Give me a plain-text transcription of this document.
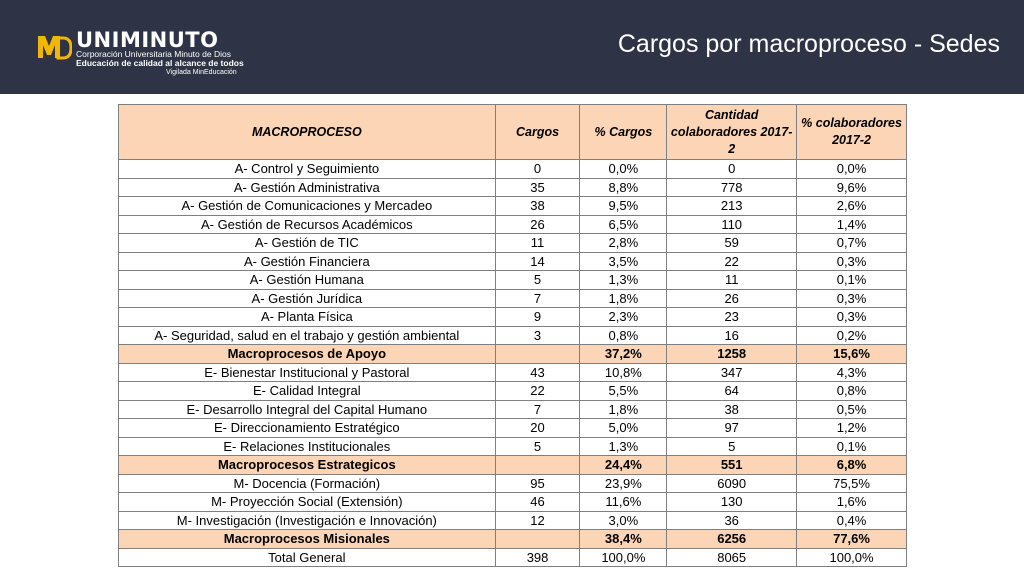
UNIMINUTO
Corporación Universitaria Minuto de Dios
Educación de calidad al alcance de todos
Vigilada MinEducación
Cargos por macroproceso - Sedes
MACROPROCESO	Cargos	% Cargos	Cantidad colaboradores 2017-2	% colaboradores 2017-2
A- Control y Seguimiento	0	0,0%	0	0,0%
A- Gestión Administrativa	35	8,8%	778	9,6%
A- Gestión de Comunicaciones y Mercadeo	38	9,5%	213	2,6%
A- Gestión de Recursos Académicos	26	6,5%	110	1,4%
A- Gestión de TIC	11	2,8%	59	0,7%
A- Gestión Financiera	14	3,5%	22	0,3%
A- Gestión Humana	5	1,3%	11	0,1%
A- Gestión Jurídica	7	1,8%	26	0,3%
A- Planta Física	9	2,3%	23	0,3%
A- Seguridad, salud en el trabajo y gestión ambiental	3	0,8%	16	0,2%
Macroprocesos de Apoyo		37,2%	1258	15,6%
E- Bienestar Institucional y Pastoral	43	10,8%	347	4,3%
E- Calidad Integral	22	5,5%	64	0,8%
E- Desarrollo Integral del Capital Humano	7	1,8%	38	0,5%
E- Direccionamiento Estratégico	20	5,0%	97	1,2%
E- Relaciones Institucionales	5	1,3%	5	0,1%
Macroprocesos Estrategicos		24,4%	551	6,8%
M- Docencia (Formación)	95	23,9%	6090	75,5%
M- Proyección Social (Extensión)	46	11,6%	130	1,6%
M- Investigación (Investigación e Innovación)	12	3,0%	36	0,4%
Macroprocesos Misionales		38,4%	6256	77,6%
Total General	398	100,0%	8065	100,0%
